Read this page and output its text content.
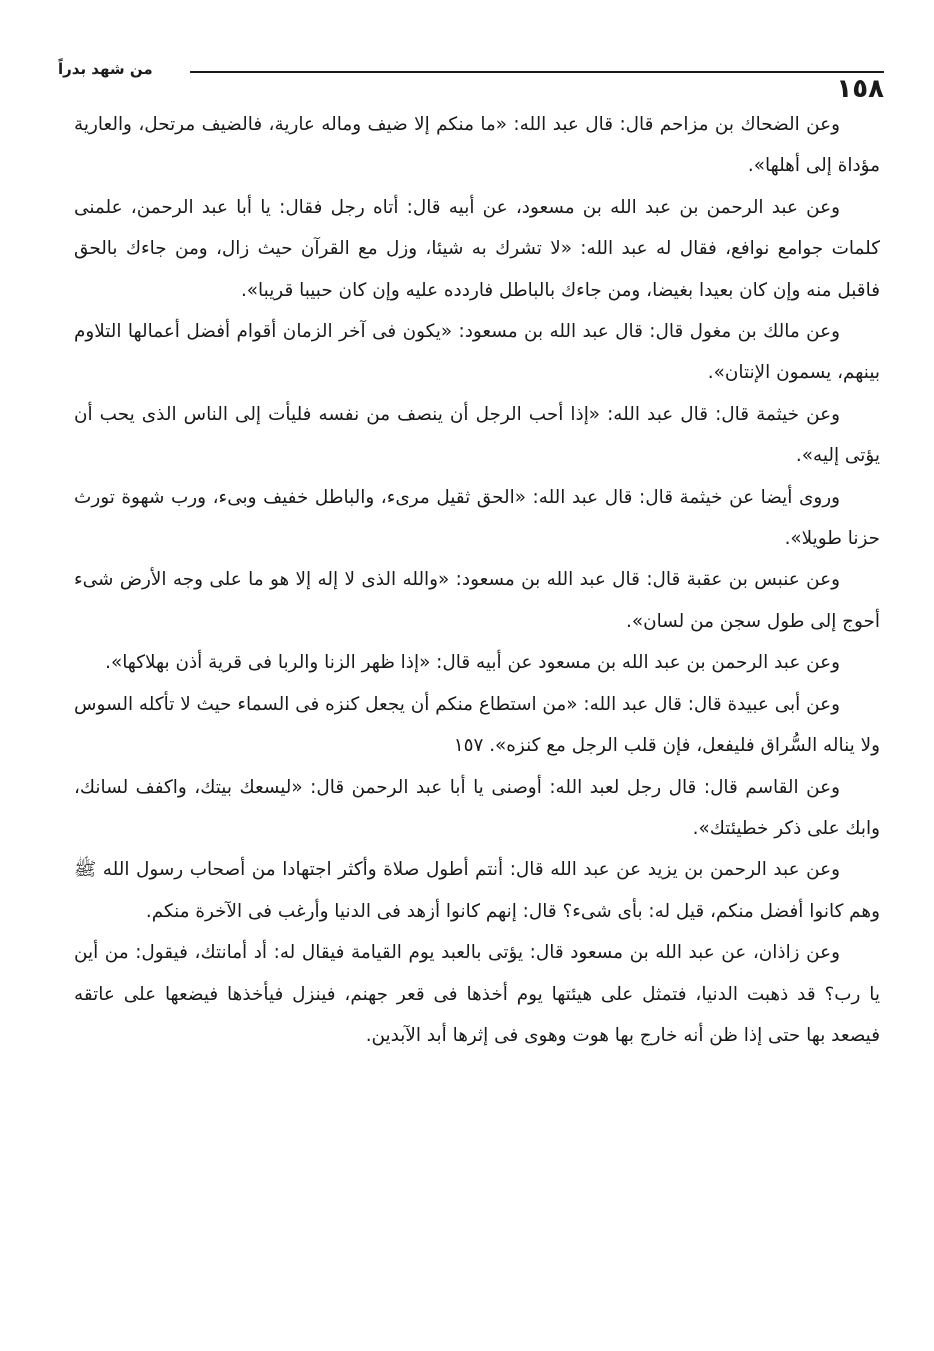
من شهد بدراً
١٥٨

وعن الضحاك بن مزاحم قال: قال عبد الله: «ما منكم إلا ضيف وماله عارية، فالضيف مرتحل، والعارية مؤداة إلى أهلها».

وعن عبد الرحمن بن عبد الله بن مسعود، عن أبيه قال: أتاه رجل فقال: يا أبا عبد الرحمن، علمنى كلمات جوامع نوافع، فقال له عبد الله: «لا تشرك به شيئا، وزل مع القرآن حيث زال، ومن جاءك بالحق فاقبل منه وإن كان بعيدا بغيضا، ومن جاءك بالباطل فاردده عليه وإن كان حبيبا قريبا».

وعن مالك بن مغول قال: قال عبد الله بن مسعود: «يكون فى آخر الزمان أقوام أفضل أعمالها التلاوم بينهم، يسمون الإنتان».

وعن خيثمة قال: قال عبد الله: «إذا أحب الرجل أن ينصف من نفسه فليأت إلى الناس الذى يحب أن يؤتى إليه».

وروى أيضا عن خيثمة قال: قال عبد الله: «الحق ثقيل مرىء، والباطل خفيف وبىء، ورب شهوة تورث حزنا طويلا».

وعن عنبس بن عقبة قال: قال عبد الله بن مسعود: «والله الذى لا إله إلا هو ما على وجه الأرض شىء أحوج إلى طول سجن من لسان».

وعن عبد الرحمن بن عبد الله بن مسعود عن أبيه قال: «إذا ظهر الزنا والربا فى قرية أذن بهلاكها».

وعن أبى عبيدة قال: قال عبد الله: «من استطاع منكم أن يجعل كنزه فى السماء حيث لا تأكله السوس ولا يناله السُّراق فليفعل، فإن قلب الرجل مع كنزه». ١٥٧

وعن القاسم قال: قال رجل لعبد الله: أوصنى يا أبا عبد الرحمن قال: «ليسعك بيتك، واكفف لسانك، وابك على ذكر خطيئتك».

وعن عبد الرحمن بن يزيد عن عبد الله قال: أنتم أطول صلاة وأكثر اجتهادا من أصحاب رسول الله ﷺ وهم كانوا أفضل منكم، قيل له: بأى شىء؟ قال: إنهم كانوا أزهد فى الدنيا وأرغب فى الآخرة منكم.

وعن زاذان، عن عبد الله بن مسعود قال: يؤتى بالعبد يوم القيامة فيقال له: أد أمانتك، فيقول: من أين يا رب؟ قد ذهبت الدنيا، فتمثل على هيئتها يوم أخذها فى قعر جهنم، فينزل فيأخذها فيضعها على عاتقه فيصعد بها حتى إذا ظن أنه خارج بها هوت وهوى فى إثرها أبد الآبدين.
